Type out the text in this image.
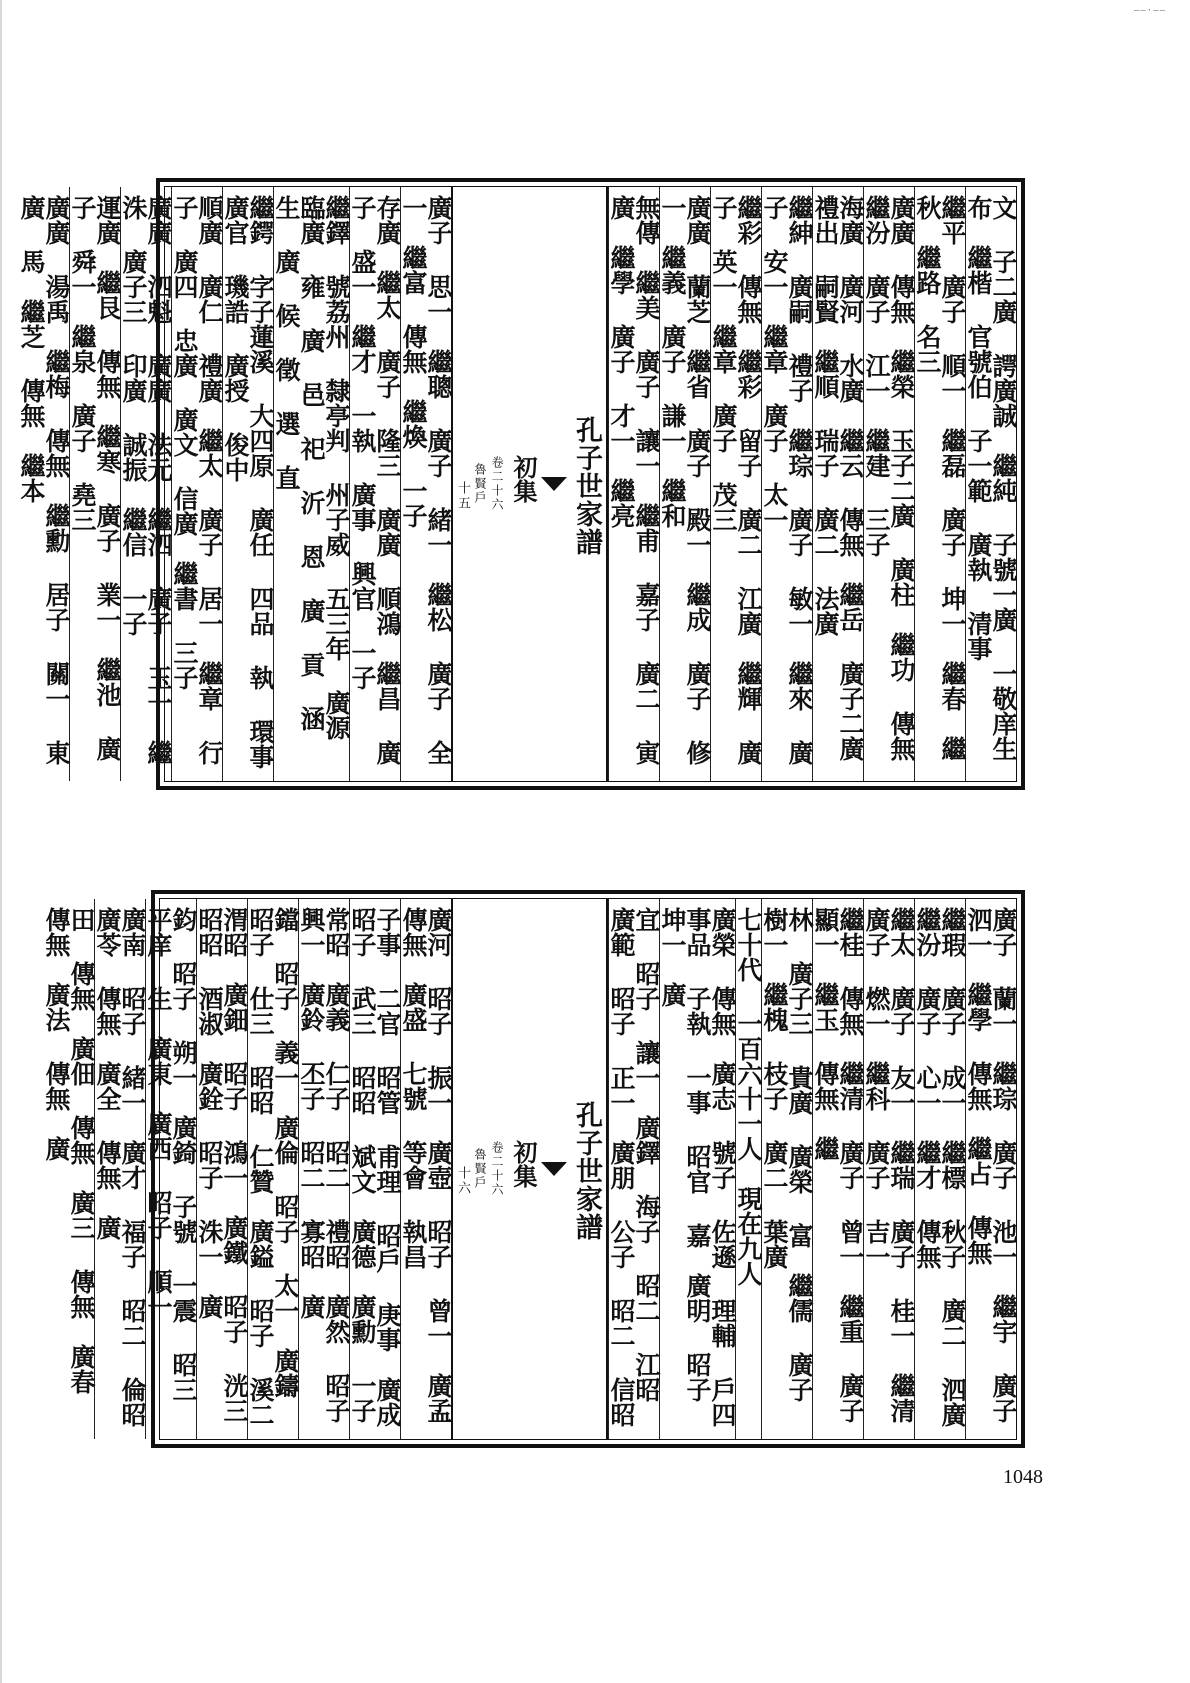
——·——
文 子二廣 諤廣誠　繼純 子號一廣 一敬庠生 布　繼楷 官號伯 子一範 廣執 清事
繼平 廣子 順一　繼磊 廣子 坤一　繼春　繼秋　繼路 名三
廣廣 傳無　繼榮 玉子二廣 廣柱　繼功 傳無　繼汾 廣子 江一　繼建 三子
海廣 廣河 水廣　繼云 傳無　繼岳 廣子二廣 禮出 嗣賢　繼順 瑞子 廣二 法廣
繼紳 廣嗣 禮子　繼琮 廣子 敏一　繼來 廣子 安一　繼章 廣子 太一
繼彩 傳無　繼彩 留子 廣二 江廣　繼輝 廣子 英一　繼章 廣子 茂三
廣廣 蘭芝　繼省 廣子 殿一　繼成 廣子 修一　繼義 廣子 謙一　繼和
無傳　繼美 廣子 讓一　繼甫 嘉子 廣二 寅廣　繼學 廣子 才一　繼亮
孔子世家譜
初集
卷二十六
魯賢戶
十五
廣子 思一　繼聰 廣子 緒一　繼松 廣子 全一　繼富 傳無　繼煥 一子
存廣　繼太 廣子 隆三 廣廣 順鴻　繼昌 廣子 盛一　繼才 一執 廣事 興官 一子
繼鐸 號荔州 隸亭判 州子威 五三年 廣源 臨廣 雍 廣 邑 祀 沂 恩 廣 貢 涵 生 廣 候 徵 選 直
繼鍔 字子蓮溪 大四原 廣任 四品 執 環事 廣官 璣誥 廣授 俊中
順廣 廣仁 禮廣　繼太 廣子 居一　繼章 行子 廣四 忠廣 廣文 信廣　繼書 三子
廣廣 泗魁 廣廣 法元　繼泗 廣子 玉一　繼洙 廣子三 印廣 誠振　繼信 一子
運廣　繼艮 傳無　繼寒 廣子 業一　繼池 廣子 舜一　繼泉 廣子 堯三
廣廣 湯禹　繼梅 傳無　繼勳 居子 關一 東廣 馬　繼芝 傳無　繼本
廣子 蘭一　繼琮 廣子 池一　繼宇 廣子 泗一　繼學 傳無　繼占 傳無
繼瑕 廣子 成一　繼標 秋子 廣二 泗廣　繼汾 廣子 心一　繼才 傳無
繼太 廣子 友一　繼瑞 廣子 桂一　繼清 廣子 燃一　繼科 廣子 吉一
繼桂 傳無　繼清 廣子 曾一　繼重 廣子 顯一　繼玉 傳無　繼
林 廣子三 貴廣 廣榮 富　繼儒 廣子 樹一　繼槐 枝子 廣二 葉廣
七十代 一百六十一人　現在九人
廣榮 傳無　廣志 號子 佐遜 理輔 戶四 事品 子執 一事 昭官 嘉　廣明 昭子 坤一　廣
宜 昭子 讓一　廣鐸 海子 昭二 江昭　廣範 昭子 正一　廣朋 公子 昭二 信昭
孔子世家譜
初集
卷二十六
魯賢戶
十六
廣河 昭子 振一　廣壺 昭子 曾一　廣孟 傳無　廣盛 七號 等會 執昌
子事 二官 昭管 甫理 昭戶 庚事　廣成 昭子 武三 昭昭 斌文　廣德　廣勳 一子
常昭　廣義 仁子 昭二 禮昭　廣然 昭子 興一　廣鈴 丕子 昭二 寡昭　廣
鐺 昭子 義一　廣倫 昭子 太一　廣鑄 昭子 仕三 昭昭 仁贊　廣鎰 昭子 溪二
渭昭　廣鈿 昭子 鴻一　廣鐵 昭子 洸三 昭昭 酒淑　廣銓 昭子 洙一　廣
鈞 昭子 朔一　廣錡 子號 一震 昭三 平庠 生　廣東　廣西 昭子 順一
廣南 昭子 緒一　廣才 福子 昭二 倫昭　廣苓 傳無　廣全 傳無　廣
田 傳無　廣佃 傳無　廣三 傳無　廣春 傳無　廣法 傳無　廣
1048
